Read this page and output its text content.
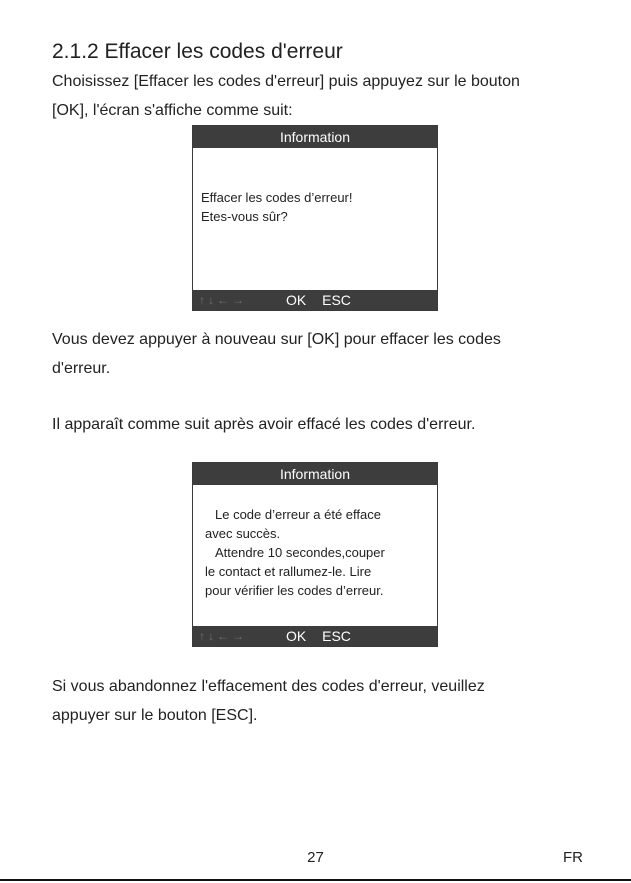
2.1.2 Effacer les codes d'erreur
Choisissez [Effacer les codes d'erreur] puis appuyez sur le bouton
[OK], l'écran s'affiche comme suit:
Information
Effacer les codes d’erreur!
Etes-vous sûr?
↑↓←→	OK ESC
Vous devez appuyer à nouveau sur [OK] pour effacer les codes
d'erreur.
Il apparaît comme suit après avoir effacé les codes d'erreur.
Information
Le code d’erreur a été efface
avec succès.
Attendre 10 secondes,couper
le contact et rallumez-le. Lire
pour vérifier les codes d’erreur.
↑↓←→	OK ESC
Si vous abandonnez l'effacement des codes d'erreur, veuillez
appuyer sur le bouton [ESC].
27	FR
